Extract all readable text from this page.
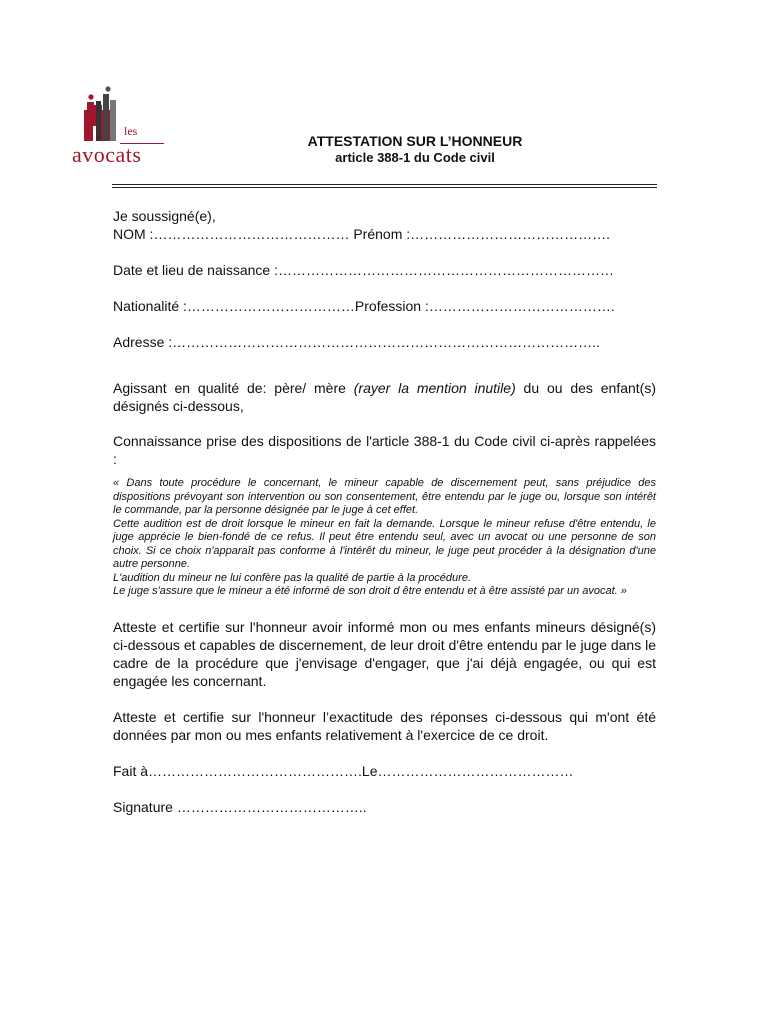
les
avocats
ATTESTATION SUR L’HONNEUR
article 388-1 du Code civil

Je soussigné(e),

NOM :…………………………………… Prénom :…………………………………….

Date et lieu de naissance :………………………………………………………………

Nationalité :………………………………Profession :………………………………….

Adresse :………………………………………………………………………………..

Agissant en qualité de: père/ mère (rayer la mention inutile) du ou des enfant(s) désignés ci-dessous,

Connaissance prise des dispositions de l'article 388-1 du Code civil ci-après rappelées :

« Dans toute procédure le concernant, le mineur capable de discernement peut, sans préjudice des dispositions prévoyant son intervention ou son consentement, être entendu par le juge ou, lorsque son intérêt le commande, par la personne désignée par le juge à cet effet.

Cette audition est de droit lorsque le mineur en fait la demande. Lorsque le mineur refuse d'être entendu, le juge apprécie le bien-fondé de ce refus. Il peut être entendu seul, avec un avocat ou une personne de son choix. Si ce choix n'apparaît pas conforme à l'intérêt du mineur, le juge peut procéder à la désignation d'une autre personne.

L'audition du mineur ne lui confère pas la qualité de partie à la procédure.

Le juge s'assure que le mineur a été informé de son droit d être entendu et à être assisté par un avocat. »

Atteste et certifie sur l'honneur avoir informé mon ou mes enfants mineurs désigné(s) ci-dessous et capables de discernement, de leur droit d'être entendu par le juge dans le cadre de la procédure que j'envisage d'engager, que j'ai déjà engagée, ou qui est engagée les concernant.

Atteste et certifie sur l'honneur l’exactitude des réponses ci-dessous qui m'ont été données par mon ou mes enfants relativement à l'exercice de ce droit.

Fait à……………………………………….Le……………………………………

Signature …………………………………..
